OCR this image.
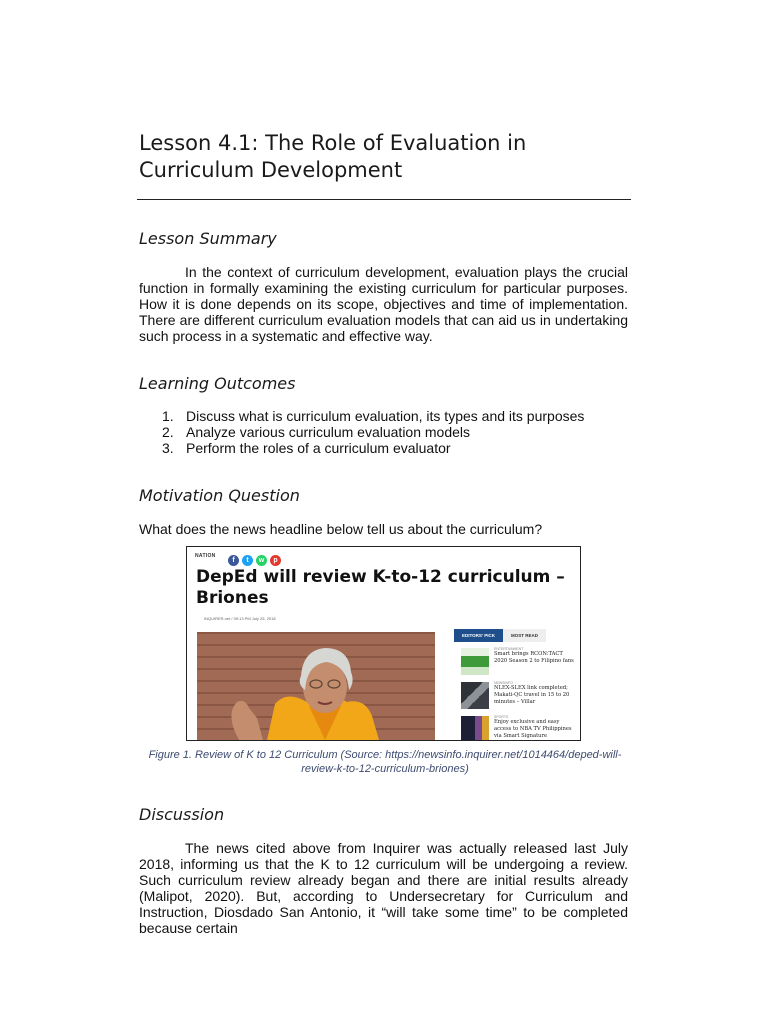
Lesson 4.1: The Role of Evaluation in Curriculum Development
Lesson Summary

In the context of curriculum development, evaluation plays the crucial function in formally examining the existing curriculum for particular purposes. How it is done depends on its scope, objectives and time of implementation. There are different curriculum evaluation models that can aid us in undertaking such process in a systematic and effective way.

Learning Outcomes
1. Discuss what is curriculum evaluation, its types and its purposes
2. Analyze various curriculum evaluation models
3. Perform the roles of a curriculum evaluator
Motivation Question

What does the news headline below tell us about the curriculum?

NATION
f	t	w	p
DepEd will review K-to-12 curriculum – Briones
INQUIRER.net / 09:13 PM July 25, 2018
EDITORS' PICK	MOST READ
ENTERTAINMENT
Smart brings RCON:TACT 2020 Season 2 to Filipino fans
NEWSINFO
NLEX-SLEX link completed; Makati-QC travel in 15 to 20 minutes – Villar
SPORTS
Enjoy exclusive and easy access to NBA TV Philippines via Smart Signature

Figure 1. Review of K to 12 Curriculum (Source: https://newsinfo.inquirer.net/1014464/deped-will-review-k-to-12-curriculum-briones)

Discussion

The news cited above from Inquirer was actually released last July 2018, informing us that the K to 12 curriculum will be undergoing a review. Such curriculum review already began and there are initial results already (Malipot, 2020). But, according to Undersecretary for Curriculum and Instruction, Diosdado San Antonio, it “will take some time” to be completed because certain
